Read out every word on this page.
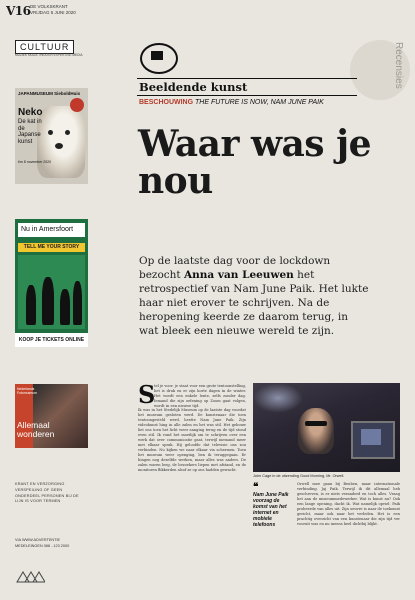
V16 DE VOLKSKRANT
VRIJDAG 5 JUNI 2020
CULTUUR
MUZIEK MODA THEATER EXPERTISE MEDIA
JAPANMUSEUM SieboldHuis
Neko
De kat in de Japanse kunst
t/m 8 november 2020
Nu in Amersfoort
TELL ME YOUR STORY
KOOP JE TICKETS ONLINE
Nederlands Fotomuseum
Allemaal wonderen
KRANT EN VERZORGING VERSPEILING OF GEEN ONDERDEEL PERSONEN BIJ DE LIJN IS VOOR TERMEN
VIA WWW.ADVERTENTIE MEDELEINGEN 088 - 123 2000
Recensies
Beeldende kunst
BESCHOUWING THE FUTURE IS NOW, NAM JUNE PAIK
Waar was je nou
Op de laatste dag voor de lockdown bezocht Anna van Leeuwen het retrospectief van Nam June Paik. Het lukte haar niet erover te schrijven. Na de heropening keerde ze daarom terug, in wat bleek een nieuwe wereld te zijn.
S
tel je voor: je staat voor een grote tentoonstelling, het is druk en er zijn korte dagen in de winter. Het wordt een enkele lente, zelfs zonder dag. Iemand die zijn oefening op Zoom gaat volgen, wordt in een nieuwe tijd.
Ik was in het Stedelijk Museum op de laatste dag voordat het museum gesloten werd. De kunstenaar die toen tentoongesteld werd, heette Nam June Paik. Zijn videokunst hing in alle zalen en het was stil. Het gebouw liet ons toen het licht weer aanging terug en de tijd stond even stil. Ik vond het moeilijk om te schrijven over een werk dat over communicatie gaat, terwijl niemand meer met elkaar sprak. Hij geloofde dat televisie ons zou verbinden. Nu kijken we naar elkaar via schermen. Toen het museum weer openging, ben ik teruggegaan. Er hingen nog dezelfde werken, maar alles was anders. De zalen waren leeg, de bezoekers liepen met afstand, en de monitoren flikkerden alsof ze op ons hadden gewacht.
John Cage in de uitzending Good Morning, Mr. Orwell.
❝
Nam June Paik voorzag de komst van het internet en mobiele telefoons
Orwell mee gaan bij Beuben, maar internationale verbinding. Jaj Paik. Terwijl ik dit allemaal heb geschreven, is er niets veranderd en toch alles. Vraag het aan de museummedewerker. Wat is kunst nu? Ook een lange opening, dacht ik. Wat namelijk opviel: Paik probeerde van alles uit. Zijn oeuvre is naar de toekomst gericht, maar ook naar het verleden. Het is een prachtig overzicht van een kunstenaar die zijn tijd ver vooruit was en nu ineens heel dichtbij blijkt.
